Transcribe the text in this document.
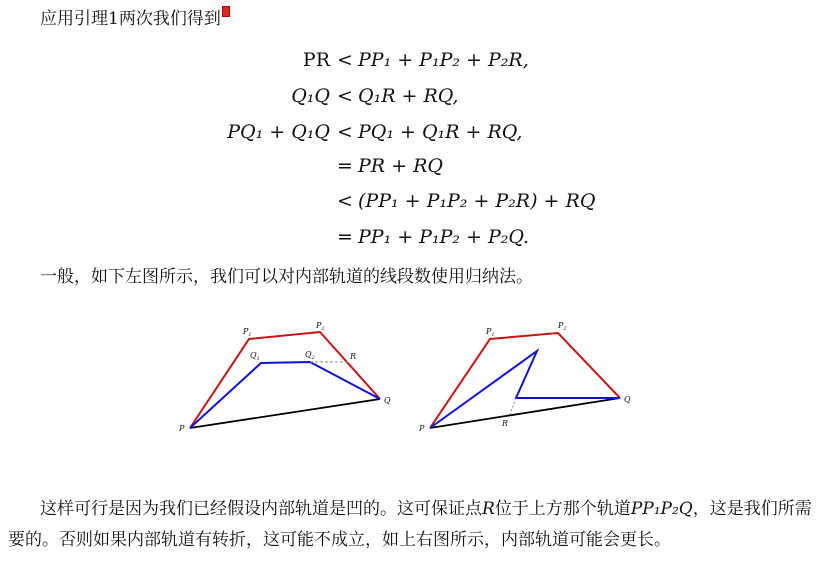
应用引理1两次我们得到
PR < PP₁ + P₁P₂ + P₂R,
Q₁Q < Q₁R + RQ,
PQ₁ + Q₁Q < PQ₁ + Q₁R + RQ,
= PR + RQ
< (PP₁ + P₁P₂ + P₂R) + RQ
= PP₁ + P₁P₂ + P₂Q.
一般，如下左图所示，我们可以对内部轨道的线段数使用归纳法。
P
$P_1$
$P_2$
$Q_1$	$Q_2$	R
Q
P
$P_1$
$P_2$
R
Q
这样可行是因为我们已经假设内部轨道是凹的。这可保证点R位于上方那个轨道PP₁P₂Q，这是我们所需要的。否则如果内部轨道有转折，这可能不成立，如上右图所示，内部轨道可能会更长。
